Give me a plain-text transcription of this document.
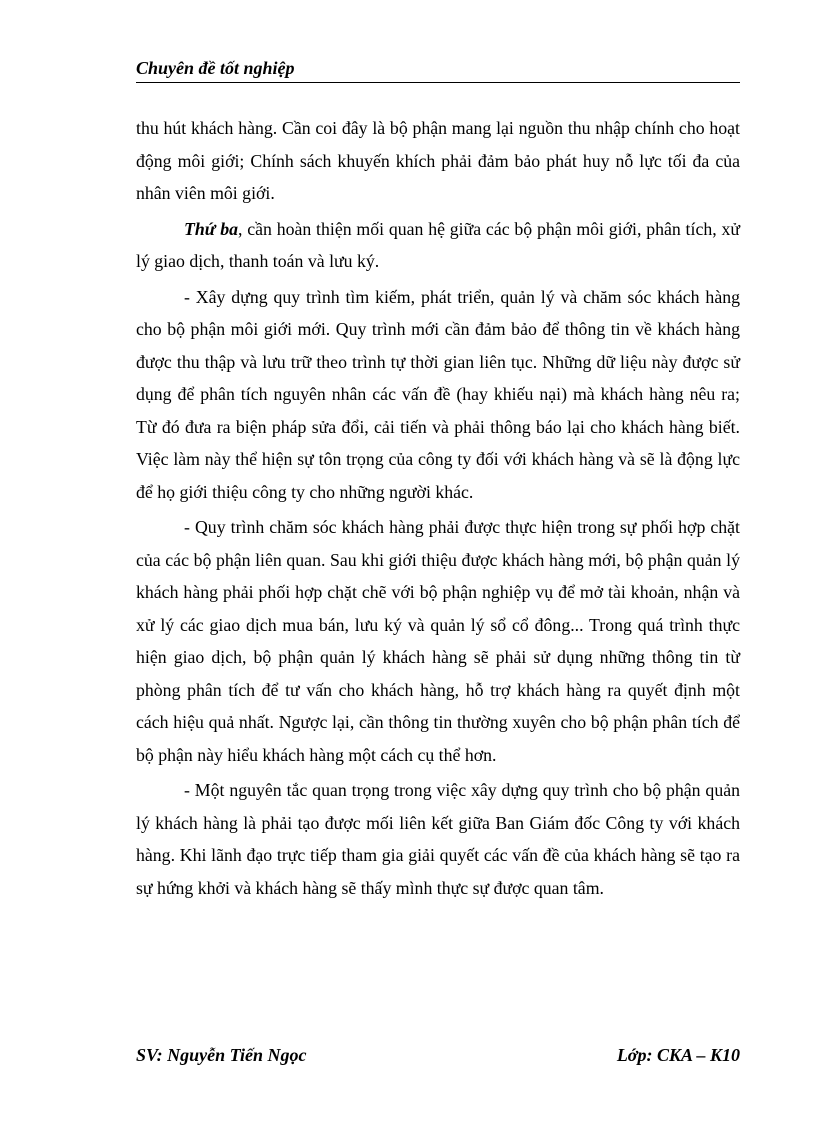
Chuyên đề tốt nghiệp

thu hút khách hàng. Cần coi đây là bộ phận mang lại nguồn thu nhập chính cho hoạt động môi giới; Chính sách khuyến khích phải đảm bảo phát huy nỗ lực tối đa của nhân viên môi giới.

Thứ ba, cần hoàn thiện mối quan hệ giữa các bộ phận môi giới, phân tích, xử lý giao dịch, thanh toán và lưu ký.

- Xây dựng quy trình tìm kiếm, phát triển, quản lý và chăm sóc khách hàng cho bộ phận môi giới mới. Quy trình mới cần đảm bảo để thông tin về khách hàng được thu thập và lưu trữ theo trình tự thời gian liên tục. Những dữ liệu này được sử dụng để phân tích nguyên nhân các vấn đề (hay khiếu nại) mà khách hàng nêu ra; Từ đó đưa ra biện pháp sửa đổi, cải tiến và phải thông báo lại cho khách hàng biết. Việc làm này thể hiện sự tôn trọng của công ty đối với khách hàng và sẽ là động lực để họ giới thiệu công ty cho những người khác.

- Quy trình chăm sóc khách hàng phải được thực hiện trong sự phối hợp chặt của các bộ phận liên quan. Sau khi giới thiệu được khách hàng mới, bộ phận quản lý khách hàng phải phối hợp chặt chẽ với bộ phận nghiệp vụ để mở tài khoản, nhận và xử lý các giao dịch mua bán, lưu ký và quản lý sổ cổ đông... Trong quá trình thực hiện giao dịch, bộ phận quản lý khách hàng sẽ phải sử dụng những thông tin từ phòng phân tích để tư vấn cho khách hàng, hỗ trợ khách hàng ra quyết định một cách hiệu quả nhất. Ngược lại, cần thông tin thường xuyên cho bộ phận phân tích để bộ phận này hiểu khách hàng một cách cụ thể hơn.

- Một nguyên tắc quan trọng trong việc xây dựng quy trình cho bộ phận quản lý khách hàng là phải tạo được mối liên kết giữa Ban Giám đốc Công ty với khách hàng. Khi lãnh đạo trực tiếp tham gia giải quyết các vấn đề của khách hàng sẽ tạo ra sự hứng khởi và khách hàng sẽ thấy mình thực sự được quan tâm.

SV: Nguyễn Tiến Ngọc	Lớp: CKA – K10
